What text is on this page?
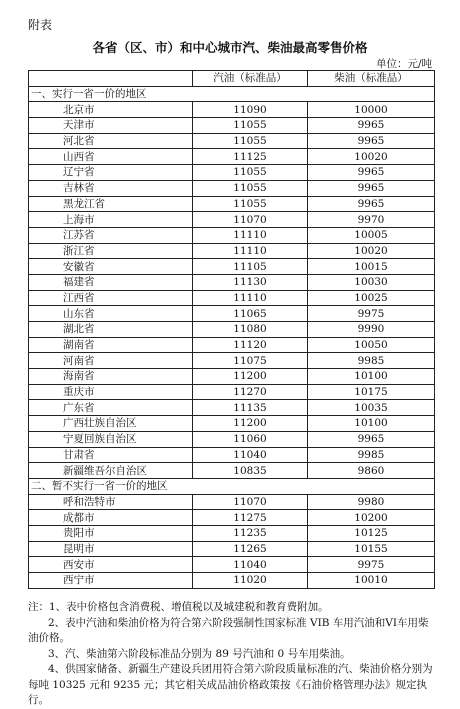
附表
各省（区、市）和中心城市汽、柴油最高零售价格
单位：元/吨
	汽油（标准品）	柴油（标准品）
一、实行一省一价的地区		
北京市	11090	10000
天津市	11055	9965
河北省	11055	9965
山西省	11125	10020
辽宁省	11055	9965
吉林省	11055	9965
黑龙江省	11055	9965
上海市	11070	9970
江苏省	11110	10005
浙江省	11110	10020
安徽省	11105	10015
福建省	11130	10030
江西省	11110	10025
山东省	11065	9975
湖北省	11080	9990
湖南省	11120	10050
河南省	11075	9985
海南省	11200	10100
重庆市	11270	10175
广东省	11135	10035
广西壮族自治区	11200	10100
宁夏回族自治区	11060	9965
甘肃省	11040	9985
新疆维吾尔自治区	10835	9860
二、暂不实行一省一价的地区		
呼和浩特市	11070	9980
成都市	11275	10200
贵阳市	11235	10125
昆明市	11265	10155
西安市	11040	9975
西宁市	11020	10010

注：1、表中价格包含消费税、增值税以及城建税和教育费附加。

2、表中汽油和柴油价格为符合第六阶段强制性国家标准 VIB 车用汽油和VI车用柴油价格。

3、汽、柴油第六阶段标准品分别为 89 号汽油和 0 号车用柴油。

4、供国家储备、新疆生产建设兵团用符合第六阶段质量标准的汽、柴油价格分别为每吨 10325 元和 9235 元；其它相关成品油价格政策按《石油价格管理办法》规定执行。
